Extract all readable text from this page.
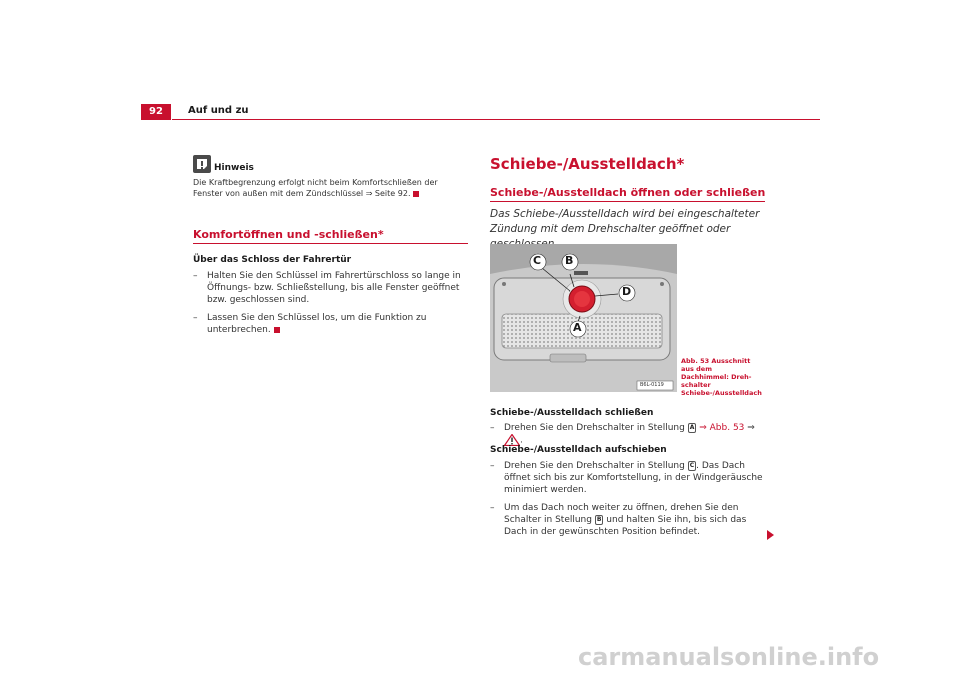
92	Auf und zu
Hinweis
Die Kraftbegrenzung erfolgt nicht beim Komfortschließen der Fenster von außen mit dem Zündschlüssel ⇒ Seite 92.
Komfortöffnen und -schließen*
Über das Schloss der Fahrertür
– Halten Sie den Schlüssel im Fahrertürschloss so lange in Öffnungs- bzw. Schließstellung, bis alle Fenster geöffnet bzw. geschlossen sind.
– Lassen Sie den Schlüssel los, um die Funktion zu unterbrechen.
Schiebe-/Ausstelldach*
Schiebe-/Ausstelldach öffnen oder schließen
Das Schiebe-/Ausstelldach wird bei eingeschalteter Zündung mit dem Drehschalter geöffnet oder
C B
D
A
B6L-0119
Abb. 53 Ausschnitt aus dem Dachhimmel: Dreh-schalter Schiebe-/Ausstelldach
Schiebe-/Ausstelldach schließen
– Drehen Sie den Drehschalter in Stellung A ⇒ Abb. 53 ⇒ .
Schiebe-/Ausstelldach aufschieben
– Drehen Sie den Drehschalter in Stellung C . Das Dach öffnet sich bis zur Komfortstellung, in der Windgeräusche minimiert werden.
– Um das Dach noch weiter zu öffnen, drehen Sie den Schalter in Stellung B und halten Sie ihn, bis sich das Dach in der gewünschten Position befindet.
carmanualsonline.info
